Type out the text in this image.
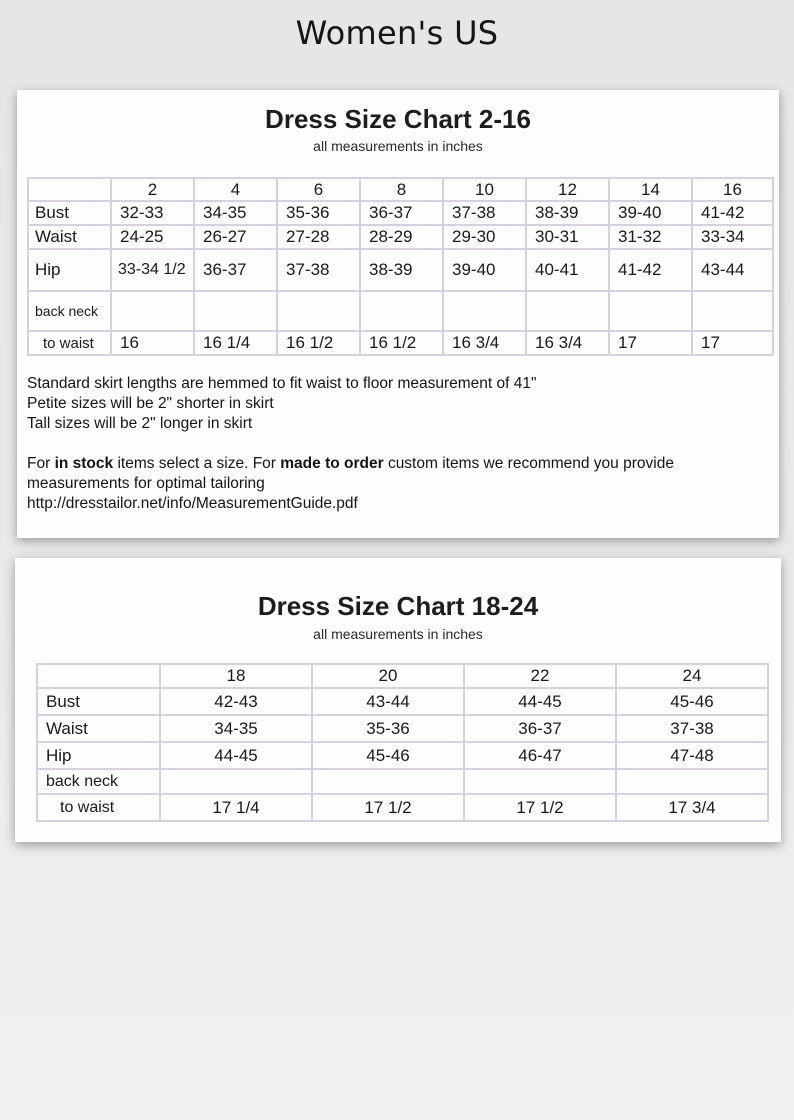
Women's US
Dress Size Chart 2-16
all measurements in inches
	2	4	6	8	10	12	14	16
Bust	32-33	34-35	35-36	36-37	37-38	38-39	39-40	41-42
Waist	24-25	26-27	27-28	28-29	29-30	30-31	31-32	33-34
Hip	33-34 1/2	36-37	37-38	38-39	39-40	40-41	41-42	43-44
back neck								
to waist	16	16 1/4	16 1/2	16 1/2	16 3/4	16 3/4	17	17

Standard skirt lengths are hemmed to fit waist to floor measurement of 41"

Petite sizes will be 2" shorter in skirt

Tall sizes will be 2" longer in skirt

For in stock items select a size. For made to order custom items we recommend you provide measurements for optimal tailoring

http://dresstailor.net/info/MeasurementGuide.pdf

Dress Size Chart 18-24
all measurements in inches
	18	20	22	24
Bust	42-43	43-44	44-45	45-46
Waist	34-35	35-36	36-37	37-38
Hip	44-45	45-46	46-47	47-48
back neck				
to waist	17 1/4	17 1/2	17 1/2	17 3/4
